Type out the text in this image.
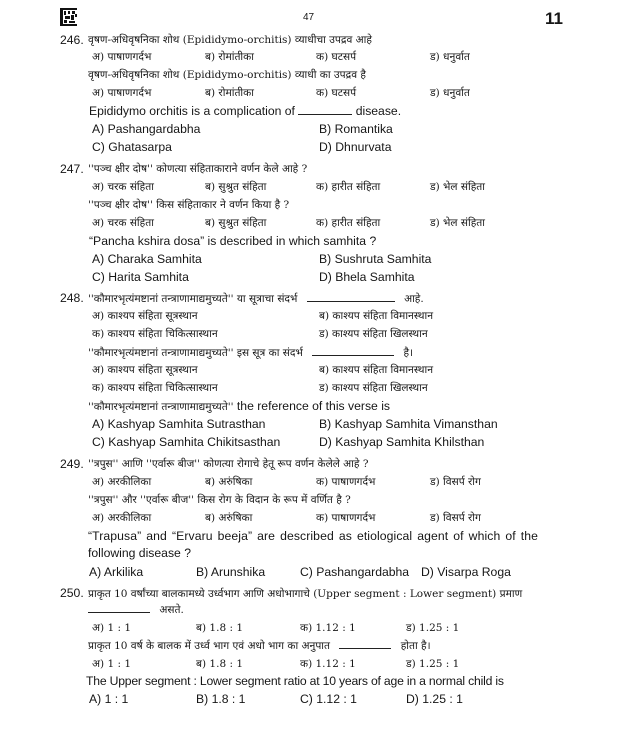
47	11
246. वृषण-अधिवृषनिका शोथ (Epididymo-orchitis) व्याधीचा उपद्रव आहे
अ) पाषाणगर्दभ	ब) रोमांतीका	क) घटसर्प	ड) धनुर्वात
वृषण-अधिवृषनिका शोथ (Epididymo-orchitis) व्याधी का उपद्रव है
अ) पाषाणगर्दभ	ब) रोमांतीका	क) घटसर्प	ड) धनुर्वात
Epididymo orchitis is a complication of	disease.
A) Pashangardabha	B) Romantika
C) Ghatasarpa	D) Dhnurvata
247. ''पञ्च क्षीर दोष'' कोणत्या संहिताकाराने वर्णन केले आहे ?
अ) चरक संहिता	ब) सुश्रुत संहिता	क) हारीत संहिता	ड) भेल संहिता
''पञ्च क्षीर दोष'' किस संहिताकार ने वर्णन किया है ?
अ) चरक संहिता	ब) सुश्रुत संहिता	क) हारीत संहिता	ड) भेल संहिता
“Pancha kshira dosa” is described in which samhita ?
A) Charaka Samhita	B) Sushruta Samhita
C) Harita Samhita	D) Bhela Samhita
248. ''कौमारभृत्यंमष्टानां तन्त्राणामाद्यमुच्यते'' या सूत्राचा संदर्भ	आहे.
अ) काश्यप संहिता सूत्रस्थान	ब) काश्यप संहिता विमानस्थान
क) काश्यप संहिता चिकित्सास्थान	ड) काश्यप संहिता खिलस्थान
''कौमारभृत्यंमष्टानां तन्त्राणामाद्यमुच्यते'' इस सूत्र का संदर्भ	है।
अ) काश्यप संहिता सूत्रस्थान	ब) काश्यप संहिता विमानस्थान
क) काश्यप संहिता चिकित्सास्थान	ड) काश्यप संहिता खिलस्थान
''कौमारभृत्यंमष्टानां तन्त्राणामाद्यमुच्यते'' the reference of this verse is
A) Kashyap Samhita Sutrasthan	B) Kashyap Samhita Vimansthan
C) Kashyap Samhita Chikitsasthan	D) Kashyap Samhita Khilsthan
249. ''त्रपुस'' आणि ''एर्वारू बीज'' कोणत्या रोगाचे हेतू रूप वर्णन केलेले आहे ?
अ) अरकीलिका	ब) अरुंषिका	क) पाषाणगर्दभ	ड) विसर्प रोग
''त्रपुस'' और ''एर्वारू बीज'' किस रोग के विदान के रूप में वर्णित है ?
अ) अरकीलिका	ब) अरुंषिका	क) पाषाणगर्दभ	ड) विसर्प रोग
“Trapusa” and “Ervaru beeja” are described as etiological agent of which of the
following disease ?
A) Arkilika	B) Arunshika	C) Pashangardabha D) Visarpa Roga
250. प्राकृत 10 वर्षांच्या बालकामध्ये उर्ध्वभाग आणि अधोभागाचे (Upper segment : Lower segment) प्रमाण
असते.
अ) 1 : 1	ब) 1.8 : 1	क) 1.12 : 1	ड) 1.25 : 1
प्राकृत 10 वर्ष के बालक में उर्ध्व भाग एवं अधो भाग का अनुपात	होता है।
अ) 1 : 1	ब) 1.8 : 1	क) 1.12 : 1	ड) 1.25 : 1
The Upper segment : Lower segment ratio at 10 years of age in a normal child is
A) 1 : 1	B) 1.8 : 1	C) 1.12 : 1	D) 1.25 : 1
